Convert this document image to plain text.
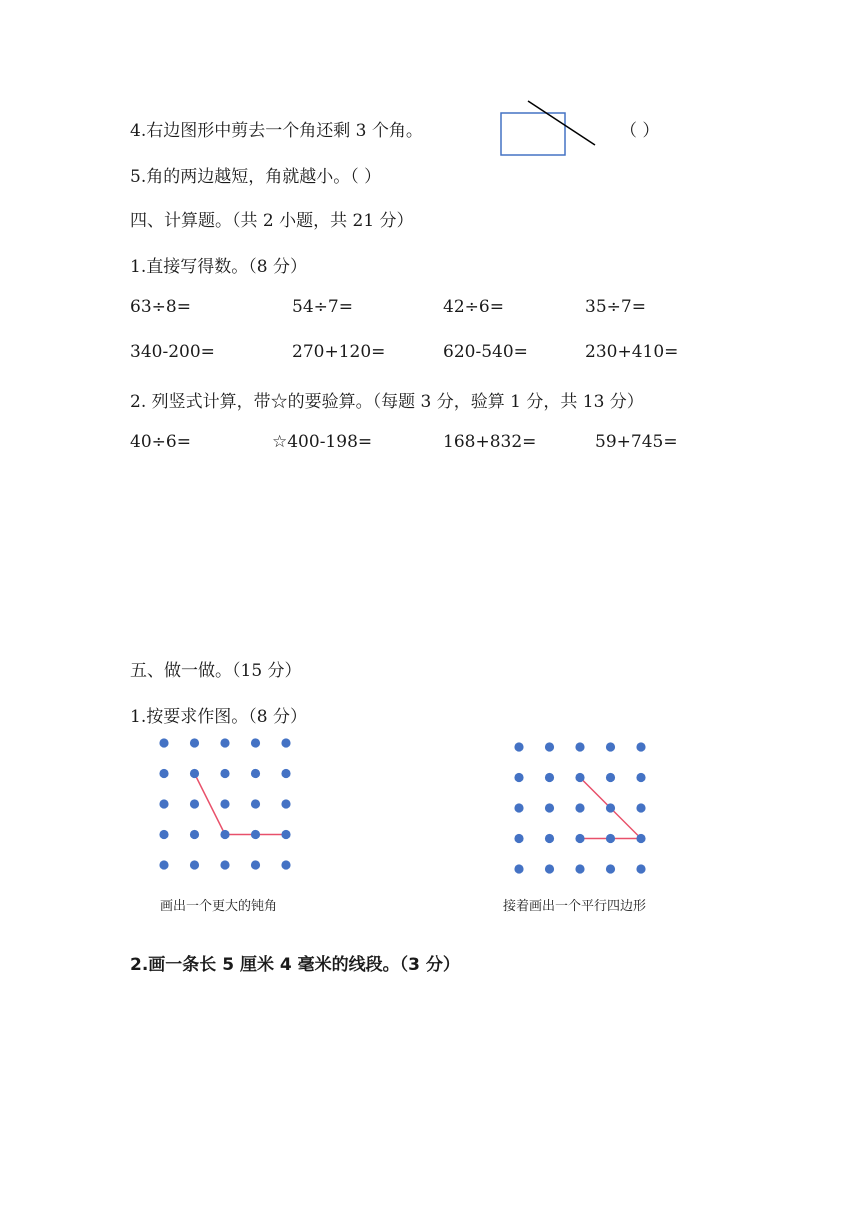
4.右边图形中剪去一个角还剩 3 个角。	（ ）
5.角的两边越短，角就越小。（ ）
四、计算题。（共 2 小题，共 21 分）
1.直接写得数。（8 分）
63÷8=	54÷7=	42÷6=	35÷7=
340-200=	270+120=	620-540=	230+410=
2. 列竖式计算，带☆的要验算。（每题 3 分，验算 1 分，共 13 分）
40÷6=	☆400-198=	168+832=	59+745=
五、做一做。（15 分）
1.按要求作图。（8 分）
画出一个更大的钝角	接着画出一个平行四边形
2.画一条长 5 厘米 4 毫米的线段。（3 分）
